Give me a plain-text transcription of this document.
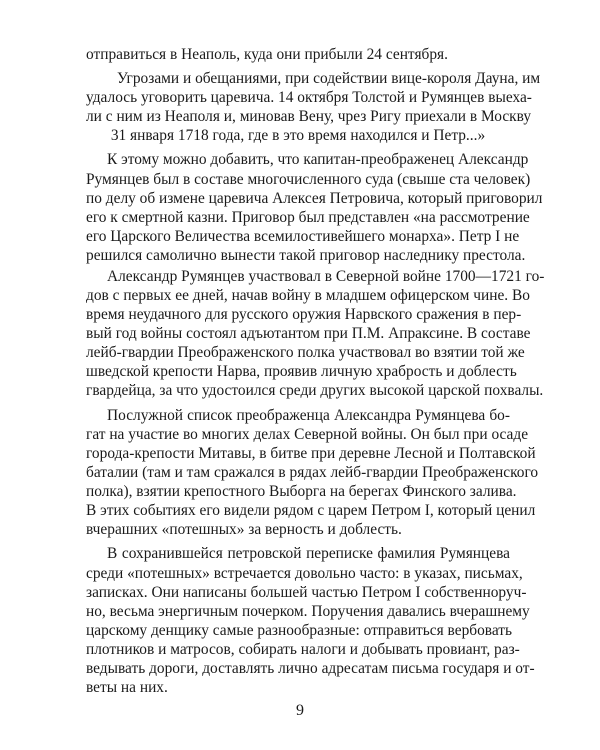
отправиться в Неаполь, куда они прибыли 24 сентября.

Угрозами и обещаниями, при содействии вице-короля Дауна, им

удалось уговорить царевича. 14 октября Толстой и Румянцев выеха-

ли с ним из Неаполя и, миновав Вену, чрез Ригу приехали в Москву

31 января 1718 года, где в это время находился и Петр...»

К этому можно добавить, что капитан-преображенец Александр

Румянцев был в составе многочисленного суда (свыше ста человек)

по делу об измене царевича Алексея Петровича, который приговорил

его к смертной казни. Приговор был представлен «на рассмотрение

его Царского Величества всемилостивейшего монарха». Петр I не

решился самолично вынести такой приговор наследнику престола.

Александр Румянцев участвовал в Северной войне 1700—1721 го-

дов с первых ее дней, начав войну в младшем офицерском чине. Во

время неудачного для русского оружия Нарвского сражения в пер-

вый год войны состоял адъютантом при П.М. Апраксине. В составе

лейб-гвардии Преображенского полка участвовал во взятии той же

шведской крепости Нарва, проявив личную храбрость и доблесть

гвардейца, за что удостоился среди других высокой царской похвалы.

Послужной список преображенца Александра Румянцева бо-

гат на участие во многих делах Северной войны. Он был при осаде

города-крепости Митавы, в битве при деревне Лесной и Полтавской

баталии (там и там сражался в рядах лейб-гвардии Преображенского

полка), взятии крепостного Выборга на берегах Финского залива.

В этих событиях его видели рядом с царем Петром I, который ценил

вчерашних «потешных» за верность и доблесть.

В сохранившейся петровской переписке фамилия Румянцева

среди «потешных» встречается довольно часто: в указах, письмах,

записках. Они написаны большей частью Петром I собственноруч-

но, весьма энергичным почерком. Поручения давались вчерашнему

царскому денщику самые разнообразные: отправиться вербовать

плотников и матросов, собирать налоги и добывать провиант, раз-

ведывать дороги, доставлять лично адресатам письма государя и от-

веты на них.

9
